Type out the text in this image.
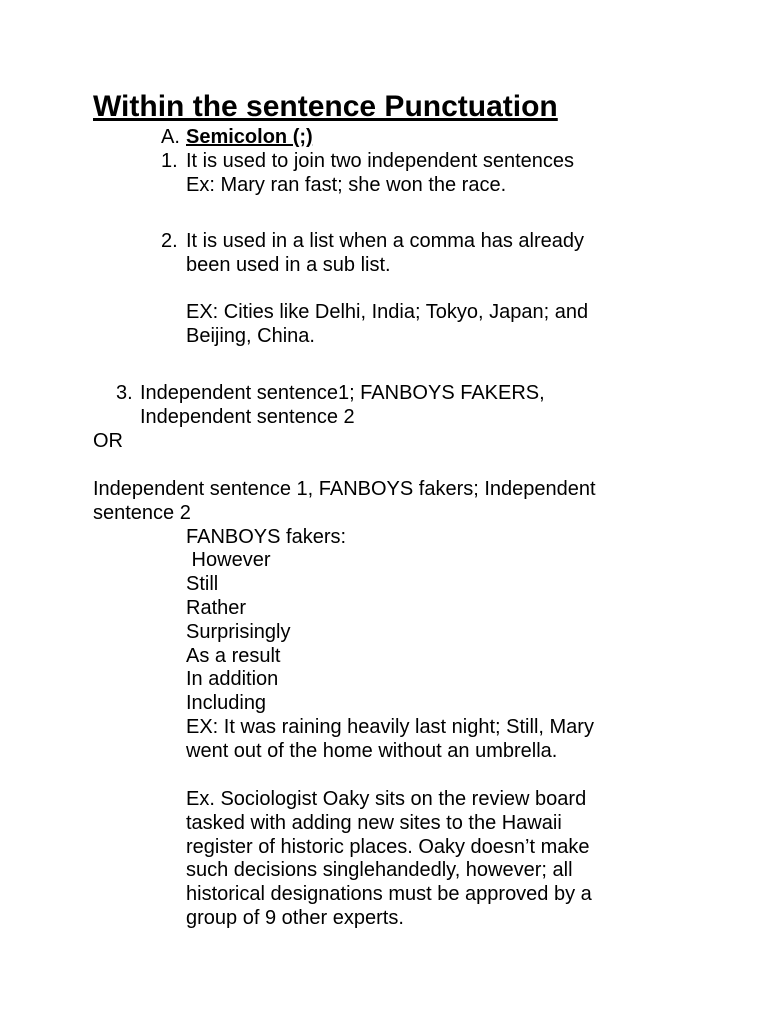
Within the sentence Punctuation
A. Semicolon (;)
1. It is used to join two independent sentences
Ex: Mary ran fast; she won the race.
2. It is used in a list when a comma has already
been used in a sub list.
EX: Cities like Delhi, India; Tokyo, Japan; and
Beijing, China.
3. Independent sentence1; FANBOYS FAKERS,
Independent sentence 2
OR
Independent sentence 1, FANBOYS fakers; Independent
sentence 2
FANBOYS fakers:
However
Still
Rather
Surprisingly
As a result
In addition
Including
EX: It was raining heavily last night; Still, Mary
went out of the home without an umbrella.
Ex. Sociologist Oaky sits on the review board
tasked with adding new sites to the Hawaii
register of historic places. Oaky doesn’t make
such decisions singlehandedly, however; all
historical designations must be approved by a
group of 9 other experts.
